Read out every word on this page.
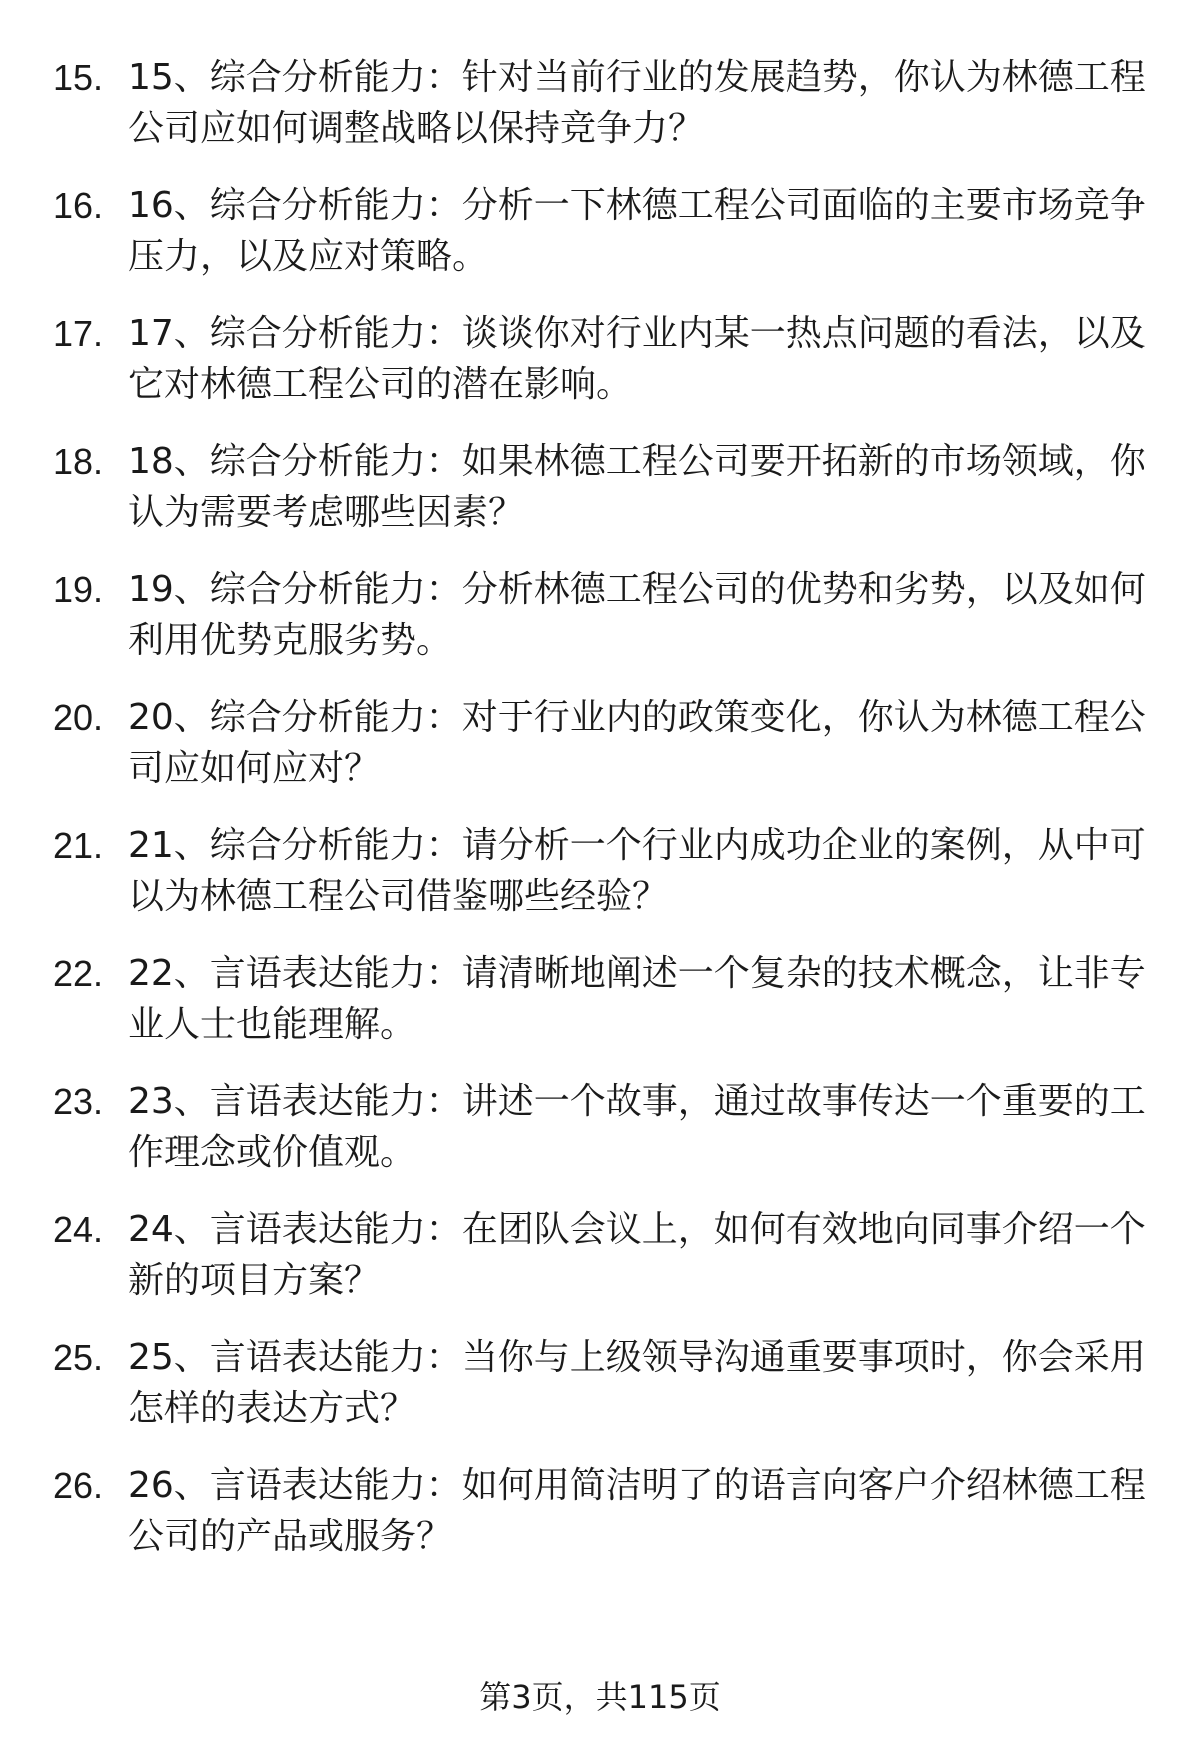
15. 15、综合分析能力：针对当前行业的发展趋势，你认为林德工程公司应如何调整战略以保持竞争力？
16. 16、综合分析能力：分析一下林德工程公司面临的主要市场竞争压力，以及应对策略。
17. 17、综合分析能力：谈谈你对行业内某一热点问题的看法，以及它对林德工程公司的潜在影响。
18. 18、综合分析能力：如果林德工程公司要开拓新的市场领域，你认为需要考虑哪些因素？
19. 19、综合分析能力：分析林德工程公司的优势和劣势，以及如何利用优势克服劣势。
20. 20、综合分析能力：对于行业内的政策变化，你认为林德工程公司应如何应对？
21. 21、综合分析能力：请分析一个行业内成功企业的案例，从中可以为林德工程公司借鉴哪些经验？
22. 22、言语表达能力：请清晰地阐述一个复杂的技术概念，让非专业人士也能理解。
23. 23、言语表达能力：讲述一个故事，通过故事传达一个重要的工作理念或价值观。
24. 24、言语表达能力：在团队会议上，如何有效地向同事介绍一个新的项目方案？
25. 25、言语表达能力：当你与上级领导沟通重要事项时，你会采用怎样的表达方式？
26. 26、言语表达能力：如何用简洁明了的语言向客户介绍林德工程公司的产品或服务？
第3页，共115页
